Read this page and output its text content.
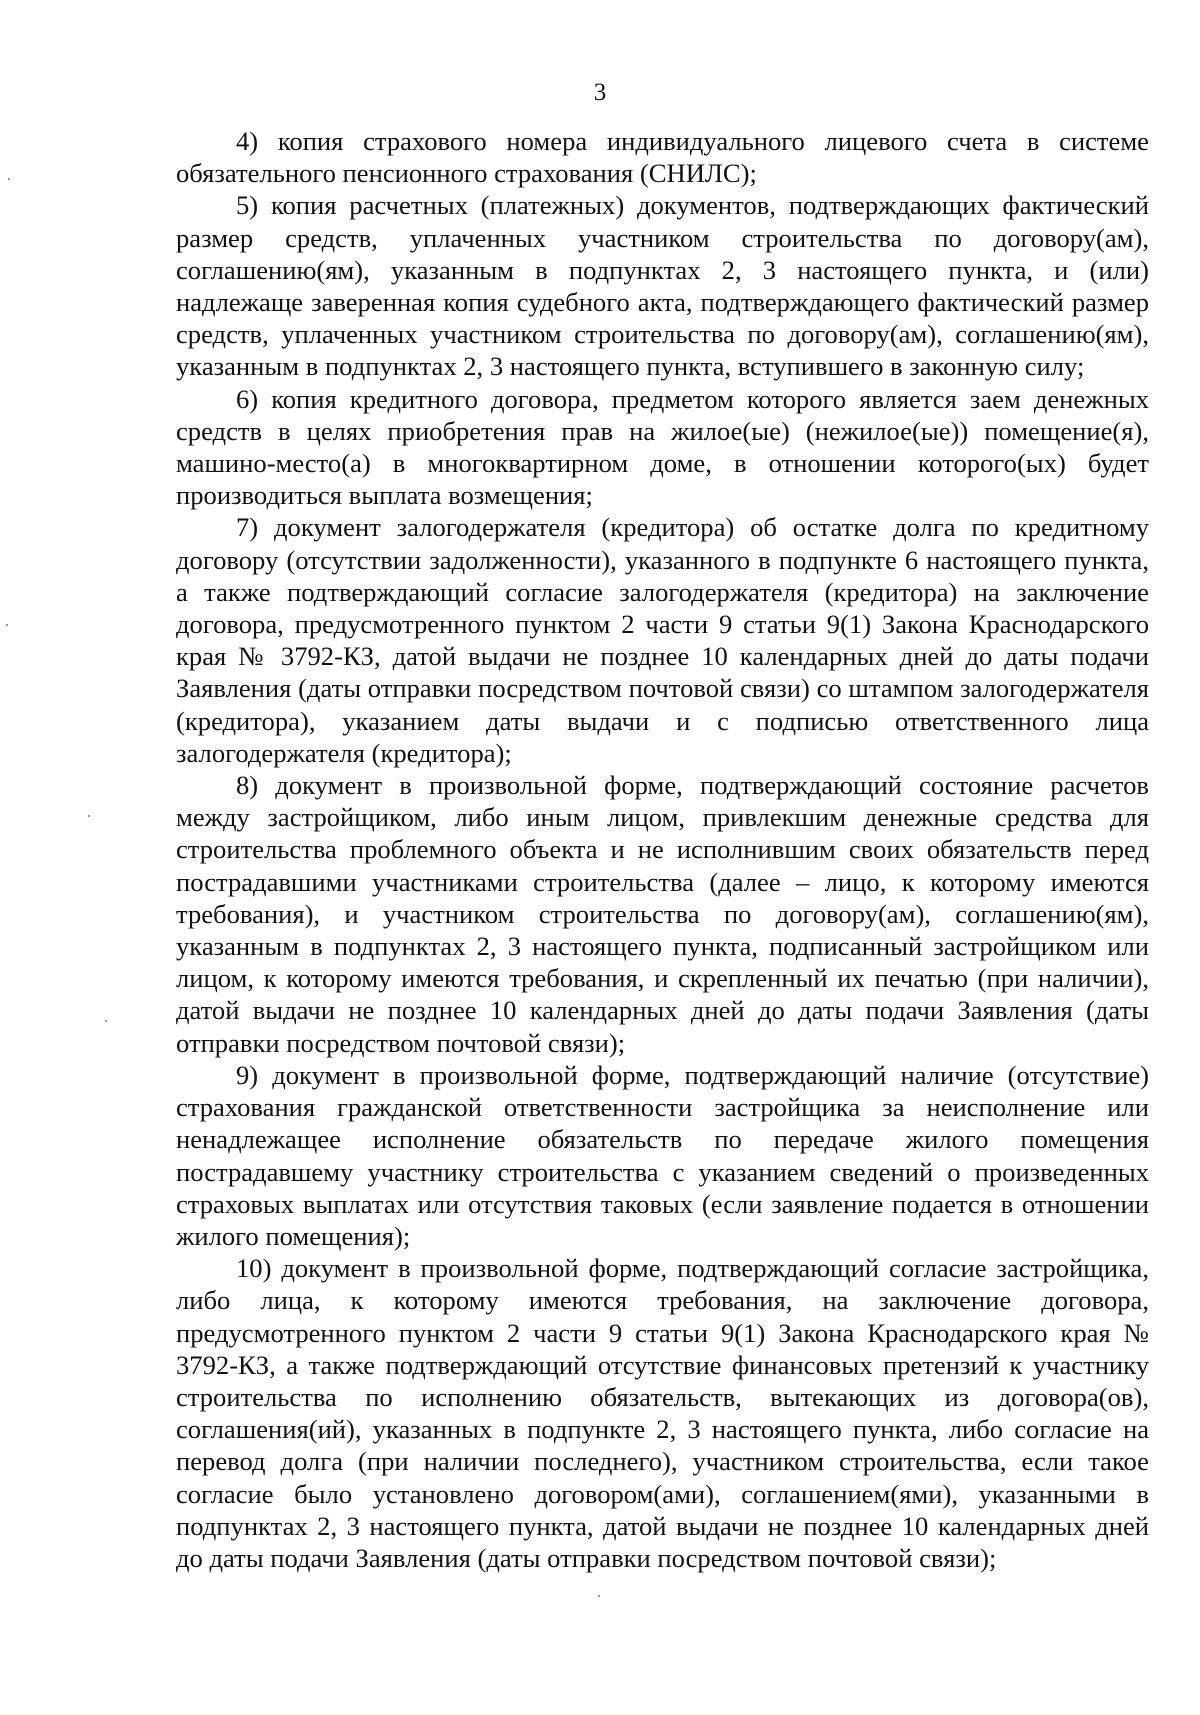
3

4) копия страхового номера индивидуального лицевого счета в системе обязательного пенсионного страхования (СНИЛС);

5) копия расчетных (платежных) документов, подтверждающих фактический размер средств, уплаченных участником строительства по договору(ам), соглашению(ям), указанным в подпунктах 2, 3 настоящего пункта, и (или) надлежаще заверенная копия судебного акта, подтверждающего фактический размер средств, уплаченных участником строительства по договору(ам), соглашению(ям), указанным в подпунктах 2, 3 настоящего пункта, вступившего в законную силу;

6) копия кредитного договора, предметом которого является заем денежных средств в целях приобретения прав на жилое(ые) (нежилое(ые)) помещение(я), машино-место(а) в многоквартирном доме, в отношении которого(ых) будет производиться выплата возмещения;

7) документ залогодержателя (кредитора) об остатке долга по кредитному договору (отсутствии задолженности), указанного в подпункте 6 настоящего пункта, а также подтверждающий согласие залогодержателя (кредитора) на заключение договора, предусмотренного пунктом 2 части 9 статьи 9(1) Закона Краснодарского края № 3792-КЗ, датой выдачи не позднее 10 календарных дней до даты подачи Заявления (даты отправки посредством почтовой связи) со штампом залогодержателя (кредитора), указанием даты выдачи и с подписью ответственного лица залогодержателя (кредитора);

8) документ в произвольной форме, подтверждающий состояние расчетов между застройщиком, либо иным лицом, привлекшим денежные средства для строительства проблемного объекта и не исполнившим своих обязательств перед пострадавшими участниками строительства (далее – лицо, к которому имеются требования), и участником строительства по договору(ам), соглашению(ям), указанным в подпунктах 2, 3 настоящего пункта, подписанный застройщиком или лицом, к которому имеются требования, и скрепленный их печатью (при наличии), датой выдачи не позднее 10 календарных дней до даты подачи Заявления (даты отправки посредством почтовой связи);

9) документ в произвольной форме, подтверждающий наличие (отсутствие) страхования гражданской ответственности застройщика за неисполнение или ненадлежащее исполнение обязательств по передаче жилого помещения пострадавшему участнику строительства с указанием сведений о произведенных страховых выплатах или отсутствия таковых (если заявление подается в отношении жилого помещения);

10) документ в произвольной форме, подтверждающий согласие застройщика, либо лица, к которому имеются требования, на заключение договора, предусмотренного пунктом 2 части 9 статьи 9(1) Закона Краснодарского края № 3792-КЗ, а также подтверждающий отсутствие финансовых претензий к участнику строительства по исполнению обязательств, вытекающих из договора(ов), соглашения(ий), указанных в подпункте 2, 3 настоящего пункта, либо согласие на перевод долга (при наличии последнего), участником строительства, если такое согласие было установлено договором(ами), соглашением(ями), указанными в подпунктах 2, 3 настоящего пункта, датой выдачи не позднее 10 календарных дней до даты подачи Заявления (даты отправки посредством почтовой связи);
